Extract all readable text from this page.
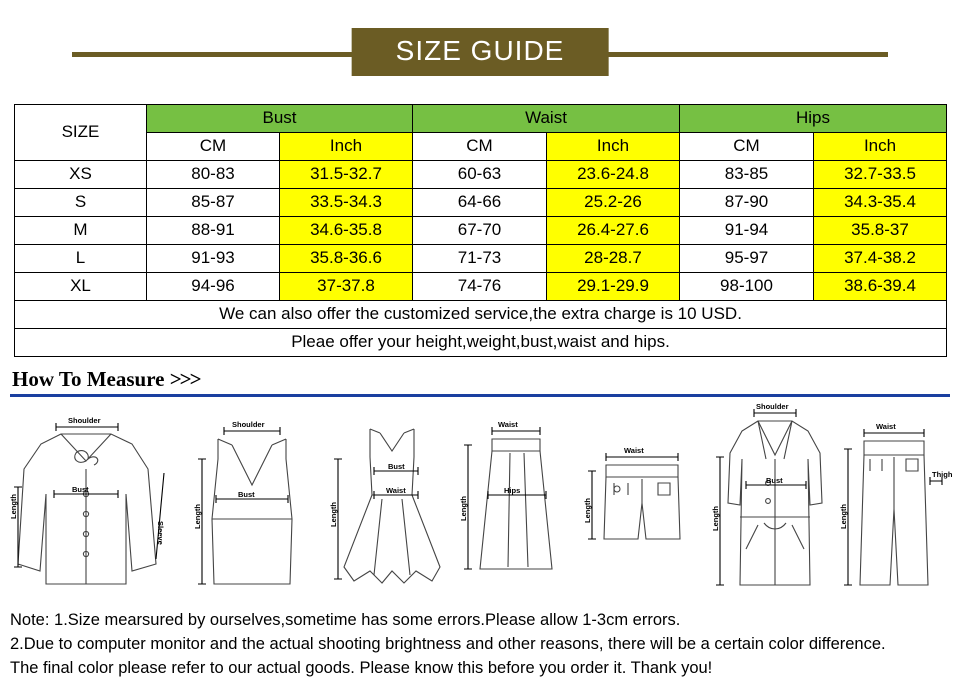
SIZE GUIDE
SIZE	Bust		Waist		Hips	
	CM	Inch	CM	Inch	CM	Inch
XS	80-83	31.5-32.7	60-63	23.6-24.8	83-85	32.7-33.5
S	85-87	33.5-34.3	64-66	25.2-26	87-90	34.3-35.4
M	88-91	34.6-35.8	67-70	26.4-27.6	91-94	35.8-37
L	91-93	35.8-36.6	71-73	28-28.7	95-97	37.4-38.2
XL	94-96	37-37.8	74-76	29.1-29.9	98-100	38.6-39.4
We can also offer the customized service,the extra charge is 10 USD.						
Pleae offer your height,weight,bust,waist and hips.						
How To Measure >>>
Shoulder
Bust
Sleeve
Length
Shoulder
Bust
Length
Bust
Waist
Length
Waist
Hips
Length
Waist
Length
Shoulder
Bust
Length
Waist
Thigh
Length
Note: 1.Size mearsured by ourselves,sometime has some errors.Please allow 1-3cm errors.
2.Due to computer monitor and the actual shooting brightness and other reasons, there will be a certain color difference.
The final color please refer to our actual goods. Please know this before you order it. Thank you!
